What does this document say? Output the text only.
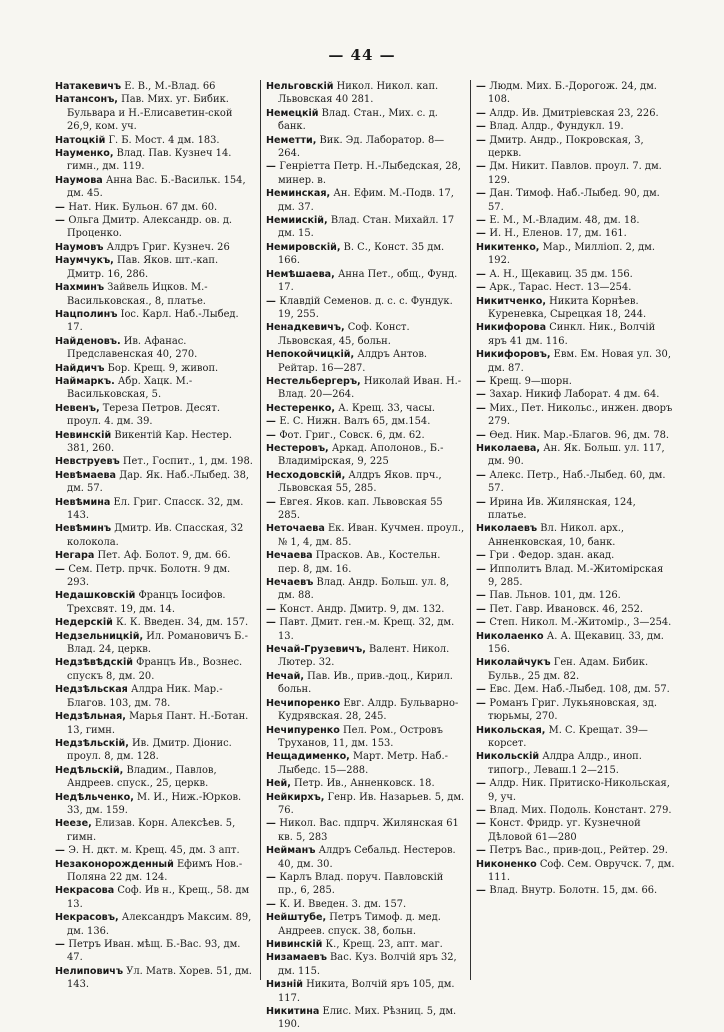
— 44 —

Натакевичъ Е. В., М.-Влад. 66

Натансонъ, Пав. Мих. уг. Бибик. Бульвара и Н.-Елисаветин-ской 26,9, ком. уч.

Натоцкій Г. Б. Мост. 4 дм. 183.

Науменко, Влад. Пав. Кузнеч 14. гимн., дм. 119.

Наумова Анна Вас. Б.-Васильк. 154, дм. 45.

— Нат. Ник. Бульон. 67 дм. 60.

— Ольга Дмитр. Александр. ов. д. Проценко.

Наумовъ Алдръ Григ. Кузнеч. 26

Наумчукъ, Пав. Яков. шт.-кап. Дмитр. 16, 286.

Нахминъ Зайвель Ицков. М.-Васильковская., 8, платье.

Нацполинъ Іос. Карл. Наб.-Лыбед. 17.

Найденовъ. Ив. Афанас. Предславенская 40, 270.

Найдичъ Бор. Крещ. 9, живоп.

Наймаркъ. Абр. Хацк. М.-Васильковская, 5.

Невенъ, Тереза Петров. Десят. проул. 4. дм. 39.

Невинскій Викентій Кар. Нестер. 381, 260.

Невструевъ Пет., Госпит., 1, дм. 198.

Невѣмаева Дар. Як. Наб.-Лыбед. 38, дм. 57.

Невѣмина Ел. Григ. Спасск. 32, дм. 143.

Невѣминъ Дмитр. Ив. Спасская, 32 колокола.

Негара Пет. Аф. Болот. 9, дм. 66.

— Сем. Петр. прчк. Болотн. 9 дм. 293.

Недашковскій Францъ Іосифов. Трехсвят. 19, дм. 14.

Недерскій К. К. Введен. 34, дм. 157.

Недзельницкій, Ил. Романовичъ Б.-Влад. 24, церкв.

Недзѣвѣдскій Францъ Ив., Вознес. спускъ 8, дм. 20.

Недзѣльская Алдра Ник. Мар.-Благов. 103, дм. 78.

Недзѣльная, Марья Пант. Н.-Ботан. 13, гимн.

Недзѣльскій, Ив. Дмитр. Діонис. проул. 8, дм. 128.

Недѣльскій, Владим., Павлов, Андреев. спуск., 25, церкв.

Недѣльченко, М. И., Ниж.-Юрков. 33, дм. 159.

Неезе, Елизав. Корн. Алексѣев. 5, гимн.

— Э. Н. дкт. м. Крещ. 45, дм. 3 апт.

Незаконорожденный Ефимъ Нов.-Поляна 22 дм. 124.

Некрасова Соф. Ив н., Крещ., 58. дм 13.

Некрасовъ, Александръ Максим. 89, дм. 136.

— Петръ Иван. мѣщ. Б.-Вас. 93, дм. 47.

Нелиповичъ Ул. Матв. Хорев. 51, дм. 143.

Нельговскій Никол. Никол. кап. Львовская 40 281.

Немецкій Влад. Стан., Мих. с. д. банк.

Неметти, Вик. Эд. Лаборатор. 8—264.

— Генріетта Петр. Н.-Лыбедская, 28, минер. в.

Неминская, Ан. Ефим. М.-Подв. 17, дм. 37.

Немиискій, Влад. Стан. Михайл. 17 дм. 15.

Немировскій, В. С., Конст. 35 дм. 166.

Немѣшаева, Анна Пет., общ., Фунд. 17.

— Клавдій Семенов. д. с. с. Фундук. 19, 255.

Ненадкевичъ, Соф. Конст. Львовская, 45, больн.

Непокойчицкій, Алдръ Антов. Рейтар. 16—287.

Нестельбергеръ, Николай Иван. Н.-Влад. 20—264.

Нестеренко, А. Крещ. 33, часы.

— Е. С. Нижн. Валъ 65, дм.154.

— Фот. Григ., Совск. 6, дм. 62.

Нестеровъ, Аркад. Аполонов., Б.-Владимірская, 9, 225

Несходовскій, Алдръ Яков. прч., Львовская 55, 285.

— Евгея. Яков. кап. Львовская 55 285.

Неточаева Ек. Иван. Кучмен. проул., № 1, 4, дм. 85.

Нечаева Прасков. Ав., Костельн. пер. 8, дм. 16.

Нечаевъ Влад. Андр. Больш. ул. 8, дм. 88.

— Конст. Андр. Дмитр. 9, дм. 132.

— Павт. Дмит. ген.-м. Крещ. 32, дм. 13.

Нечай-Грузевичъ, Валент. Никол. Лютер. 32.

Нечай, Пав. Ив., прив.-доц., Кирил. больн.

Нечипоренко Евг. Алдр. Бульварно-Кудрявская. 28, 245.

Нечипуренко Пел. Ром., Островъ Труханов, 11, дм. 153.

Нещадименко, Март. Метр. Наб.-Лыбедс. 15—288.

Ней, Петр. Ив., Анненковск. 18.

Нейкирхъ, Генр. Ив. Назарьев. 5, дм. 76.

— Никол. Вас. пдпрч. Жилянская 61 кв. 5, 283

Нейманъ Алдръ Себальд. Нестеров. 40, дм. 30.

— Карлъ Влад. поруч. Павловскій пр., 6, 285.

— К. И. Введен. 3. дм. 157.

Нейштубе, Петръ Тимоф. д. мед. Андреев. спуск. 38, больн.

Нивинскій К., Крещ. 23, апт. маг.

Низамаевъ Вас. Куз. Волчій яръ 32, дм. 115.

Низній Никита, Волчій яръ 105, дм. 117.

Никитина Елис. Мих. Рѣзниц. 5, дм. 190.

— Людм. Мих. Б.-Дорогож. 24, дм. 108.

— Алдр. Ив. Дмитріевская 23, 226.

— Влад. Алдр., Фундукл. 19.

— Дмитр. Андр., Покровская, 3, церкв.

— Дм. Никит. Павлов. проул. 7. дм. 129.

— Дан. Тимоф. Наб.-Лыбед. 90, дм. 57.

— Е. М., М.-Владим. 48, дм. 18.

— И. Н., Еленов. 17, дм. 161.

Никитенко, Мар., Миллiоп. 2, дм. 192.

— А. Н., Щекавиц. 35 дм. 156.

— Арк., Тарас. Нест. 13—254.

Никитченко, Никита Корнѣев. Куреневка, Сырецкая 18, 244.

Никифорова Синкл. Ник., Волчій яръ 41 дм. 116.

Никифоровъ, Евм. Ем. Новая ул. 30, дм. 87.

— Крещ. 9—шорн.

— Захар. Никиф Лаборат. 4 дм. 64.

— Мих., Пет. Никольс., инжен. дворъ 279.

— Ѳед. Ник. Мар.-Благов. 96, дм. 78.

Николаева, Ан. Як. Больш. ул. 117, дм. 90.

— Алекс. Петр., Наб.-Лыбед. 60, дм. 57.

— Ирина Ив. Жилянская, 124, платье.

Николаевъ Вл. Никол. арх., Анненковская, 10, банк.

— Гри . Федор. здан. акад.

— Ипполитъ Влад. М.-Житомірская 9, 285.

— Пав. Льнов. 101, дм. 126.

— Пет. Гавр. Ивановск. 46, 252.

— Степ. Никол. М.-Житомір., 3—254.

Николаенко А. А. Щекавиц. 33, дм. 156.

Николайчукъ Ген. Адам. Бибик. Бульв., 25 дм. 82.

— Евс. Дем. Наб.-Лыбед. 108, дм. 57.

— Романъ Григ. Лукьяновская, зд. тюрьмы, 270.

Никольская, М. С. Крещат. 39—корсет.

Никольскій Алдра Алдр., иноп. типогр., Леваш.1 2—215.

— Алдр. Ник. Притиско-Никольская, 9, уч.

— Влад. Мих. Подоль. Констант. 279.

— Конст. Фридр. уг. Кузнечной Дѣловой 61—280

— Петръ Вас., прив-доц., Рейтер. 29.

Никоненко Соф. Сем. Овручск. 7, дм. 111.

— Влад. Внутр. Болотн. 15, дм. 66.
